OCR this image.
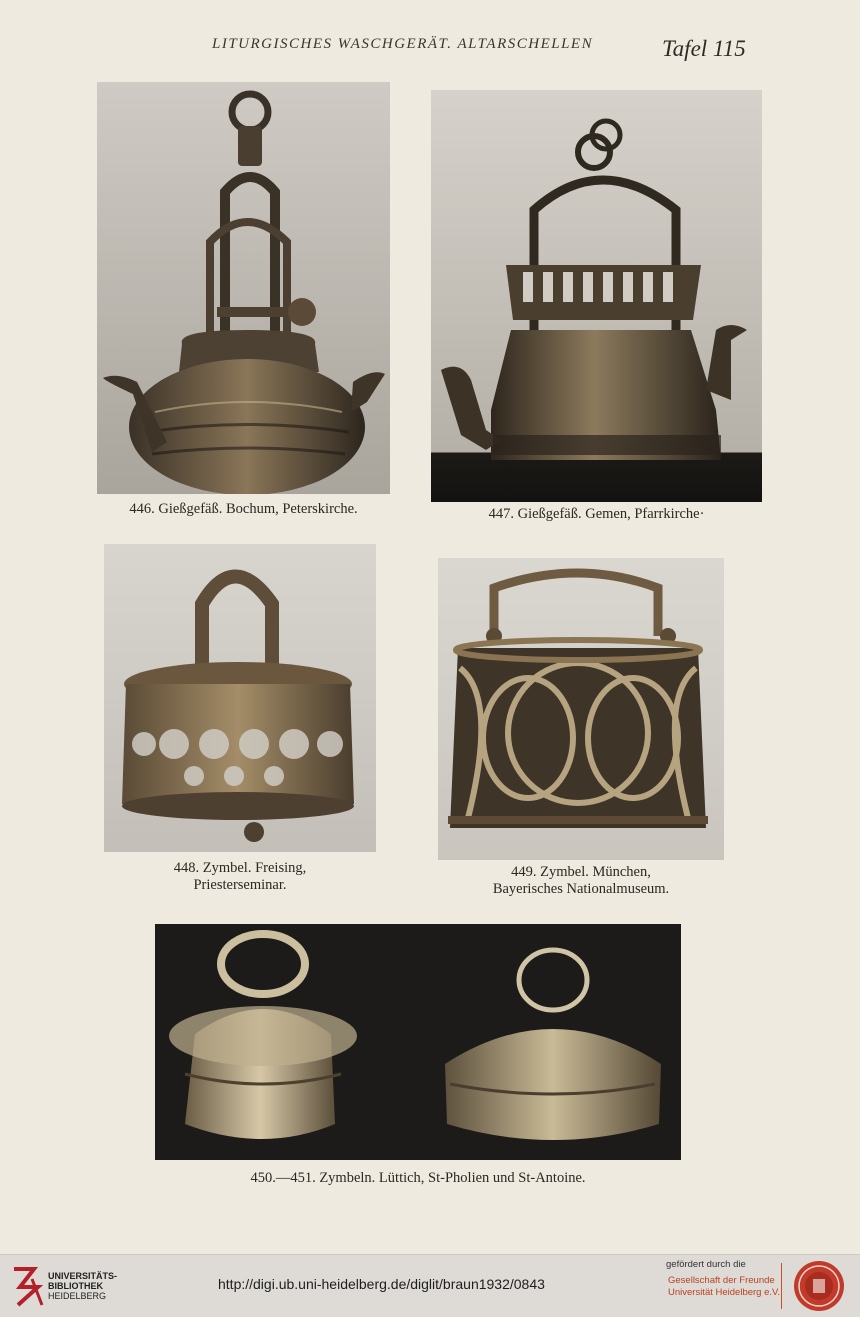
LITURGISCHES WASCHGERÄT. ALTARSCHELLEN	Tafel 115
446. Gießgefäß. Bochum, Peterskirche.	447. Gießgefäß. Gemen, Pfarrkirche·
448. Zymbel. Freising,
Priesterseminar.
449. Zymbel. München,
Bayerisches Nationalmuseum.
450.—451. Zymbeln. Lüttich, St-Pholien und St-Antoine.
UNIVERSITÄTS-
BIBLIOTHEK
HEIDELBERG
http://digi.ub.uni-heidelberg.de/diglit/braun1932/0843
gefördert durch die
Gesellschaft der Freunde
Universität Heidelberg e.V.
